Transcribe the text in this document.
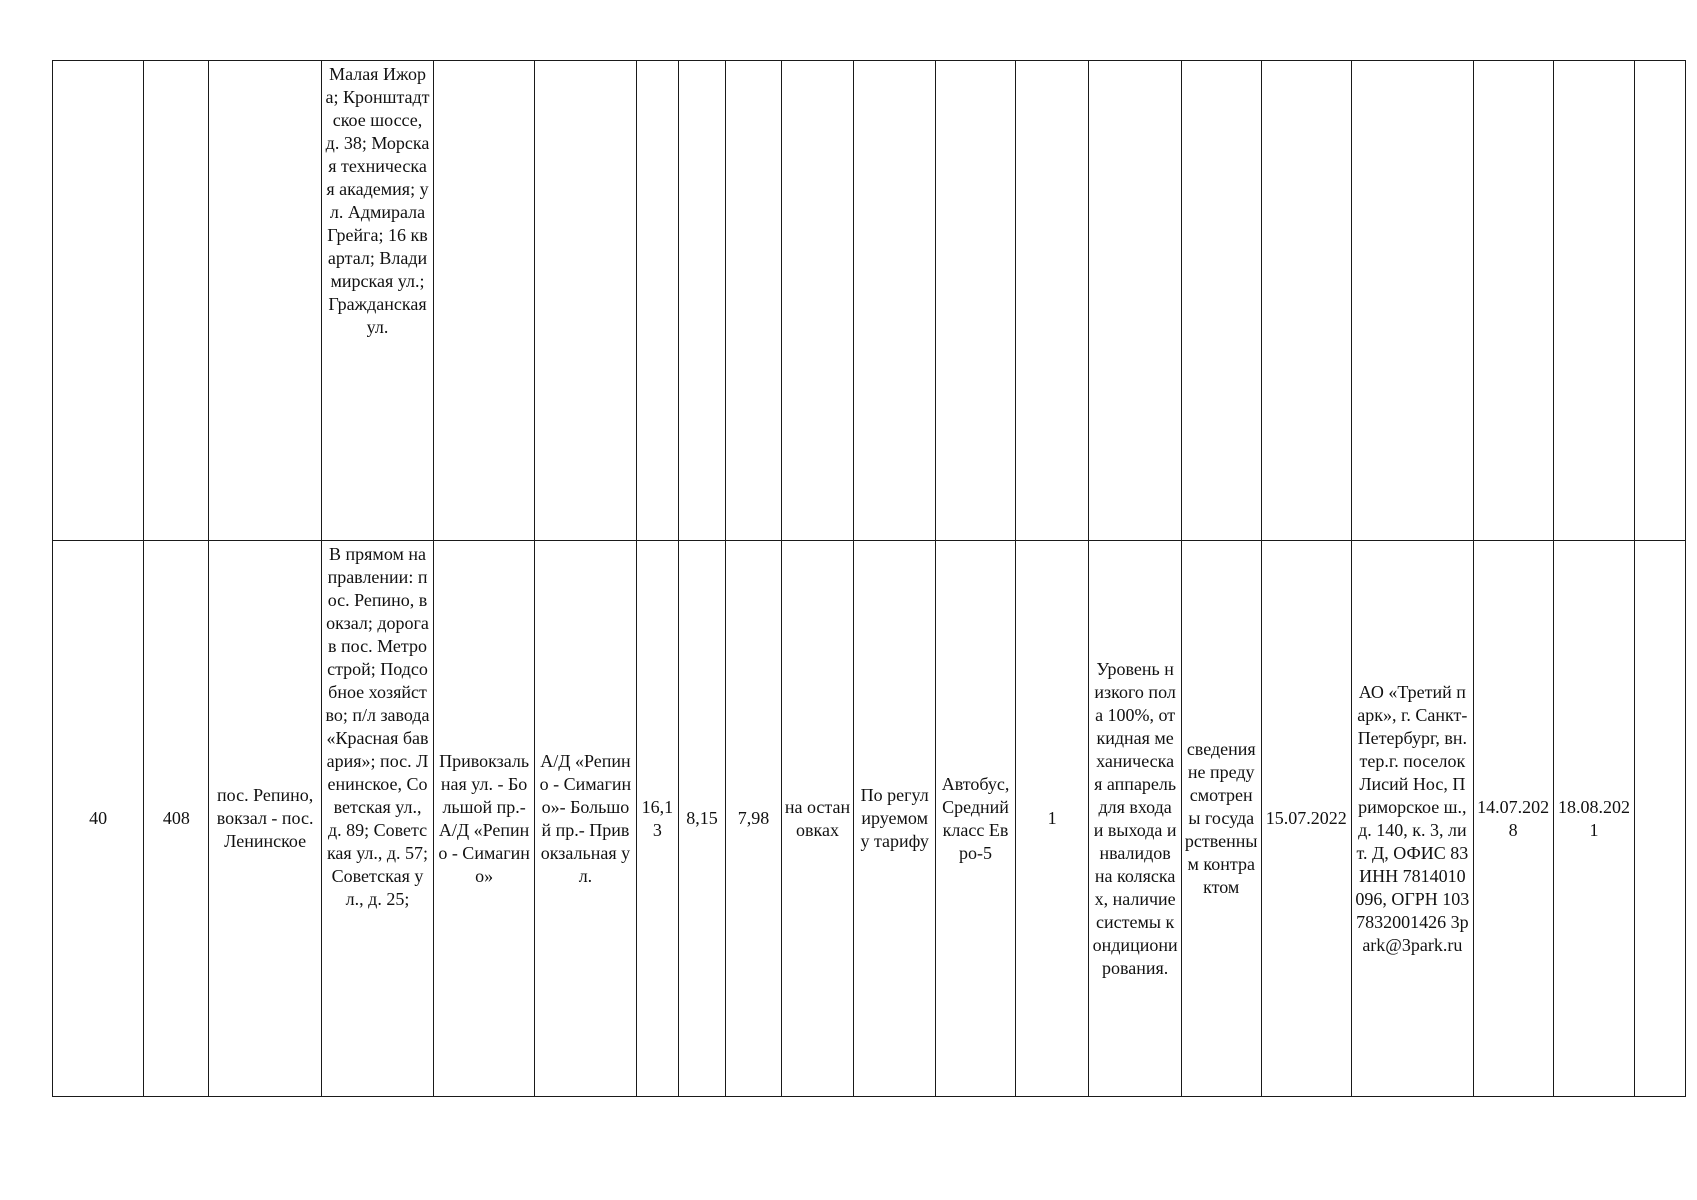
			Малая Ижора; Кронштадтское шоссе, д. 38; Морская техническая академия; ул. Адмирала Грейга; 16 квартал; Владимирская ул.; Гражданская ул.																

40	408	пос. Репино, вокзал - пос. Ленинское	В прямом направлении: пос. Репино, вокзал; дорога в пос. Метрострой; Подсобное хозяйство; п/л завода «Красная бавария»; пос. Ленинское, Советская ул., д. 89; Советская ул., д. 57; Советская ул., д. 25;	Привокзальная ул. - Большой пр.- А/Д «Репино - Симагино»	А/Д «Репино - Симагино»- Большой пр.- Привокзальная ул.	16,13	8,15	7,98	на остановках	По регулируемому тарифу	Автобус, Средний класс Евро-5	1	Уровень низкого пола 100%, откидная механическая аппарель для входа и выхода инвалидов на колясках, наличие системы кондиционирования.	сведения не предусмотрены государственным контрактом	15.07.2022	АО «Третий парк», г. Санкт-Петербург, вн.тер.г. поселок Лисий Нос, Приморское ш., д. 140, к. 3, лит. Д, ОФИС 83 ИНН 7814010096, ОГРН 1037832001426 3park@3park.ru	14.07.2028	18.08.2021	
